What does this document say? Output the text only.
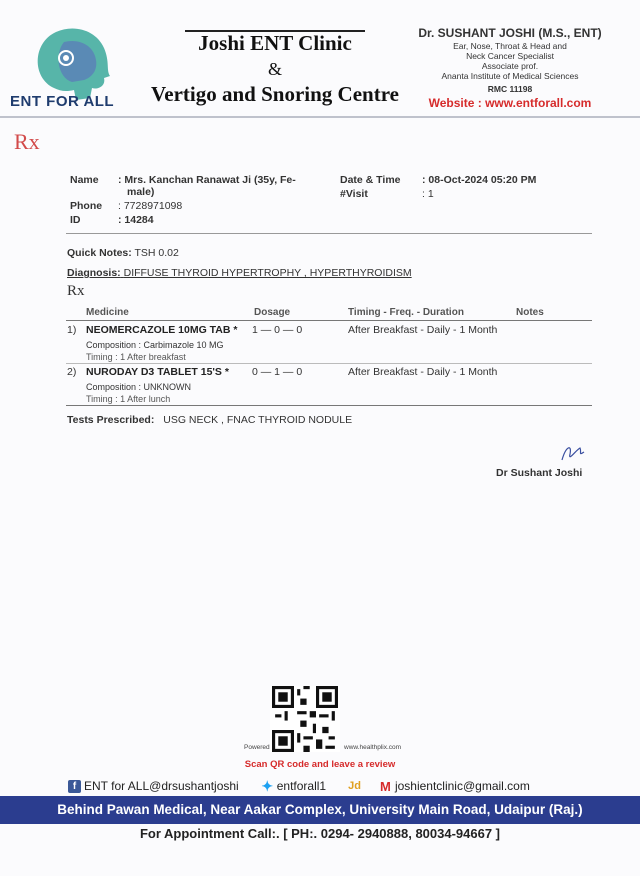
ENT FOR ALL
Joshi ENT Clinic
&
Vertigo and Snoring Centre
Dr. SUSHANT JOSHI (M.S., ENT)
Ear, Nose, Throat & Head and
Neck Cancer Specialist
Associate prof.
Ananta Institute of Medical Sciences
RMC 11198
Website : www.entforall.com
Rx
Name : Mrs. Kanchan Ranawat Ji (35y, Fe-
male)
Phone : 7728971098
ID	: 14284
Date & Time : 08-Oct-2024 05:20 PM
#Visit	: 1
Quick Notes: TSH 0.02
Diagnosis: DIFFUSE THYROID HYPERTROPHY , HYPERTHYROIDISM
Rx
Medicine	Dosage	Timing - Freq. - Duration	Notes
1) NEOMERCAZOLE 10MG TAB * 1 — 0 — 0	After Breakfast - Daily - 1 Month
Composition : Carbimazole 10 MG
Timing : 1 After breakfast
2) NURODAY D3 TABLET 15'S * 0 — 1 — 0	After Breakfast - Daily - 1 Month
Composition : UNKNOWN
Timing : 1 After lunch
Tests Prescribed: USG NECK , FNAC THYROID NODULE
Dr Sushant Joshi
Powered	www.healthplix.com
Scan QR code and leave a review
f ENT for ALL@drsushantjoshi ✦ entforall1 Jd M joshientclinic@gmail.com
Behind Pawan Medical, Near Aakar Complex, University Main Road, Udaipur (Raj.)
For Appointment Call:. [ PH:. 0294- 2940888, 80034-94667 ]
